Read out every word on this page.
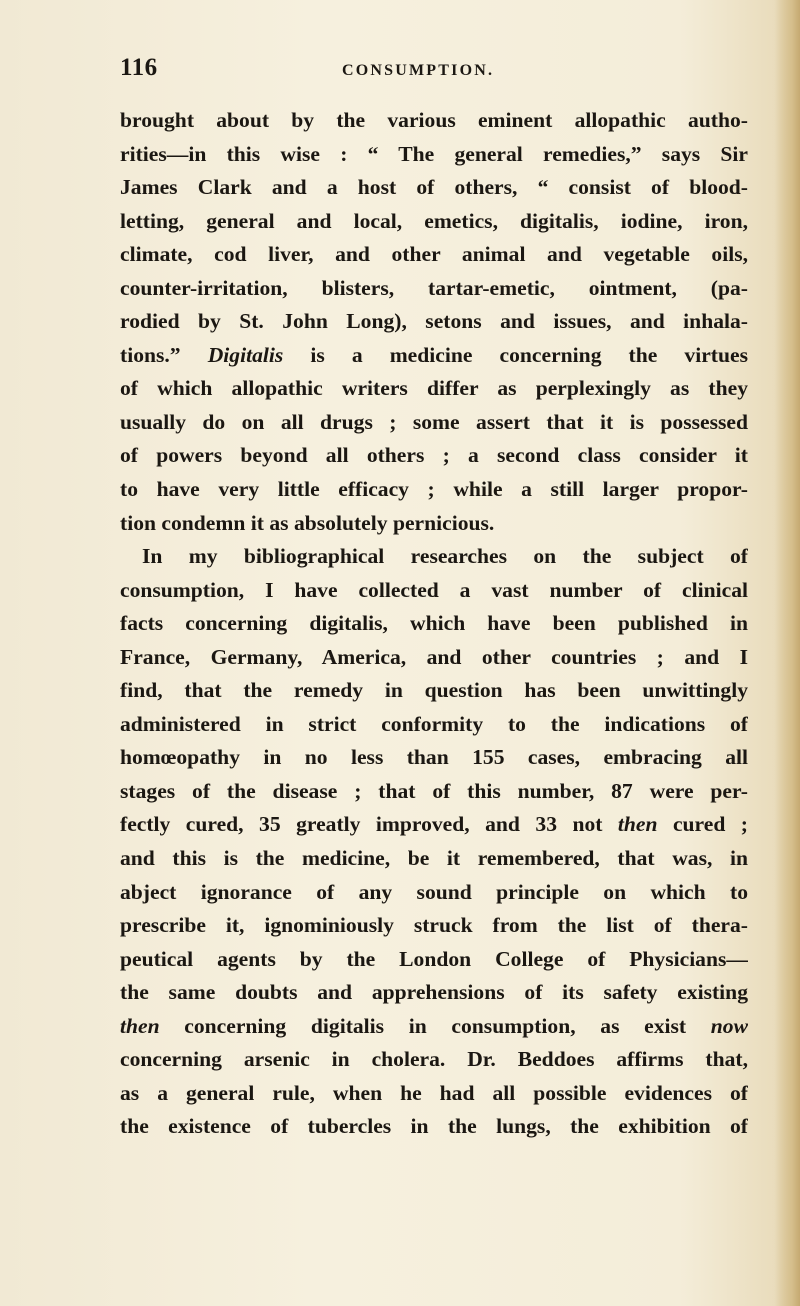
116	CONSUMPTION.
brought about by the various eminent allopathic autho-
rities—in this wise : “ The general remedies,” says Sir
James Clark and a host of others, “ consist of blood-
letting, general and local, emetics, digitalis, iodine, iron,
climate, cod liver, and other animal and vegetable oils,
counter-irritation, blisters, tartar-emetic, ointment, (pa-
rodied by St. John Long), setons and issues, and inhala-
tions.” Digitalis is a medicine concerning the virtues
of which allopathic writers differ as perplexingly as they
usually do on all drugs ; some assert that it is possessed
of powers beyond all others ; a second class consider it
to have very little efficacy ; while a still larger propor-
tion condemn it as absolutely pernicious.
In my bibliographical researches on the subject of
consumption, I have collected a vast number of clinical
facts concerning digitalis, which have been published in
France, Germany, America, and other countries ; and I
find, that the remedy in question has been unwittingly
administered in strict conformity to the indications of
homœopathy in no less than 155 cases, embracing all
stages of the disease ; that of this number, 87 were per-
fectly cured, 35 greatly improved, and 33 not then cured ;
and this is the medicine, be it remembered, that was, in
abject ignorance of any sound principle on which to
prescribe it, ignominiously struck from the list of thera-
peutical agents by the London College of Physicians—
the same doubts and apprehensions of its safety existing
then concerning digitalis in consumption, as exist now
concerning arsenic in cholera. Dr. Beddoes affirms that,
as a general rule, when he had all possible evidences of
the existence of tubercles in the lungs, the exhibition of
